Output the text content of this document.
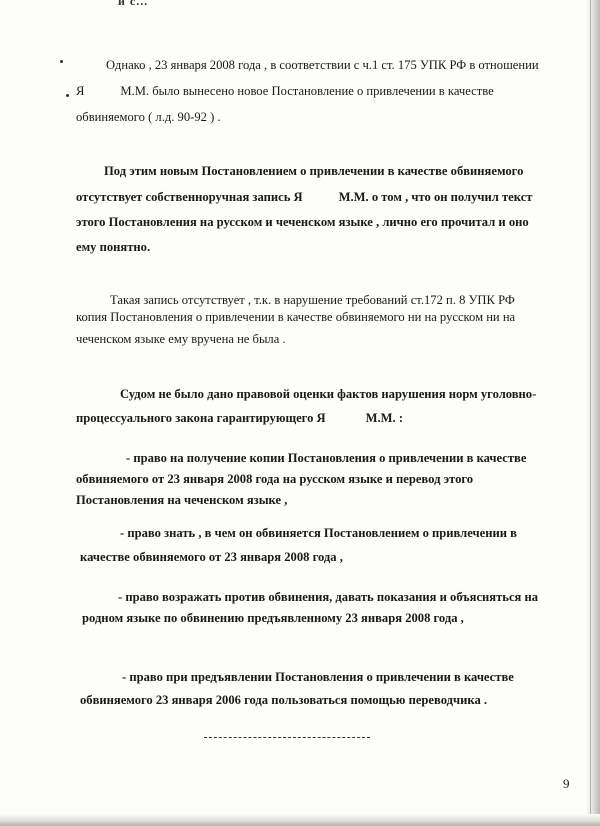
и с...
Однако , 23 января 2008 года , в соответствии с ч.1 ст. 175 УПК РФ в отношении
Я	М.М. было вынесено новое Постановление о привлечении в качестве
обвиняемого ( л.д. 90-92 ) .
Под этим новым Постановлением о привлечении в качестве обвиняемого
отсутствует собственноручная запись Я	М.М. о том , что он получил текст
этого Постановления на русском и чеченском языке , лично его прочитал и оно
ему понятно.
Такая запись отсутствует , т.к. в нарушение требований ст.172 п. 8 УПК РФ
копия Постановления о привлечении в качестве обвиняемого ни на русском ни на
чеченском языке ему вручена не была .
Судом не было дано правовой оценки фактов нарушения норм уголовно-
процессуального закона гарантирующего Я	М.М. :
- право на получение копии Постановления о привлечении в качестве
обвиняемого от 23 января 2008 года на русском языке и перевод этого
Постановления на чеченском языке ,
- право знать , в чем он обвиняется Постановлением о привлечении в
качестве обвиняемого от 23 января 2008 года ,
- право возражать против обвинения, давать показания и объясняться на
родном языке по обвинению предъявленному 23 января 2008 года ,
- право при предъявлении Постановления о привлечении в качестве
обвиняемого 23 января 2006 года пользоваться помощью переводчика .
9
